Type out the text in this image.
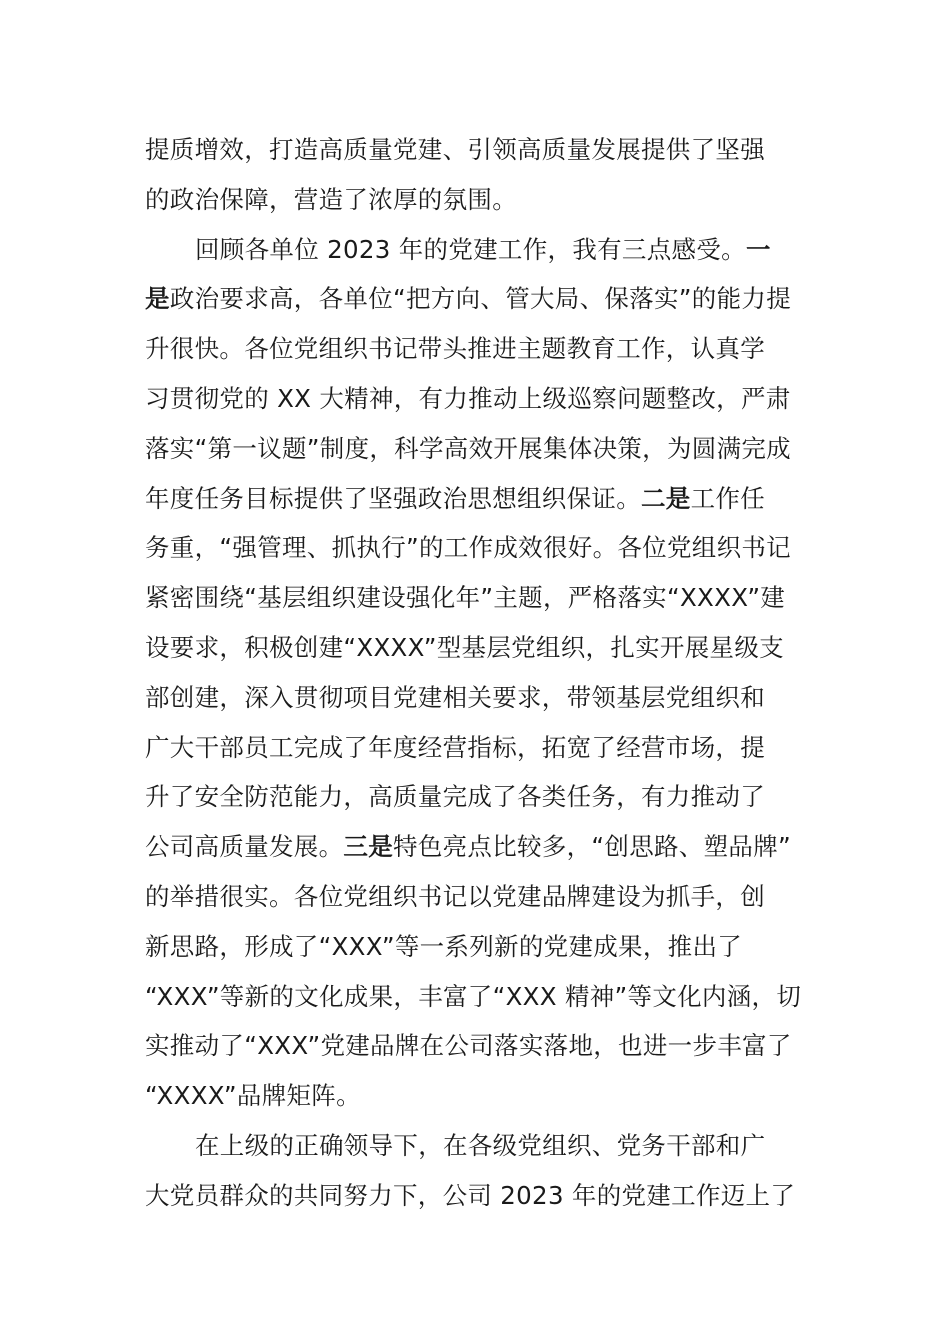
提质增效，打造高质量党建、引领高质量发展提供了坚强
的政治保障，营造了浓厚的氛围。
回顾各单位 2023 年的党建工作，我有三点感受。一
是政治要求高，各单位“把方向、管大局、保落实”的能力提
升很快。各位党组织书记带头推进主题教育工作，认真学
习贯彻党的 XX 大精神，有力推动上级巡察问题整改，严肃
落实“第一议题”制度，科学高效开展集体决策，为圆满完成
年度任务目标提供了坚强政治思想组织保证。二是工作任
务重，“强管理、抓执行”的工作成效很好。各位党组织书记
紧密围绕“基层组织建设强化年”主题，严格落实“XXXX”建
设要求，积极创建“XXXX”型基层党组织，扎实开展星级支
部创建，深入贯彻项目党建相关要求，带领基层党组织和
广大干部员工完成了年度经营指标，拓宽了经营市场，提
升了安全防范能力，高质量完成了各类任务，有力推动了
公司高质量发展。三是特色亮点比较多，“创思路、塑品牌”
的举措很实。各位党组织书记以党建品牌建设为抓手，创
新思路，形成了“XXX”等一系列新的党建成果，推出了
“XXX”等新的文化成果，丰富了“XXX 精神”等文化内涵，切
实推动了“XXX”党建品牌在公司落实落地，也进一步丰富了
“XXXX”品牌矩阵。
在上级的正确领导下，在各级党组织、党务干部和广
大党员群众的共同努力下，公司 2023 年的党建工作迈上了
